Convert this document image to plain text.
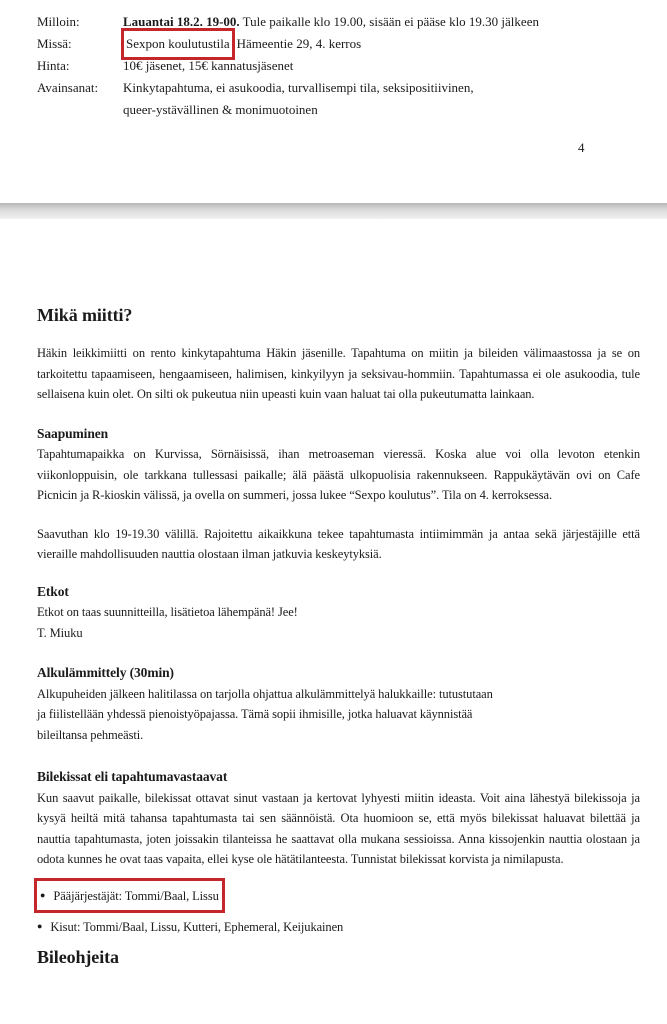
Milloin:	Lauantai 18.2. 19-00. Tule paikalle klo 19.00, sisään ei pääse klo 19.30 jälkeen
Missä:	Sexpon koulutustila Hämeentie 29, 4. kerros
Hinta:	10€ jäsenet, 15€ kannatusjäsenet
Avainsanat:	Kinkytapahtuma, ei asukoodia, turvallisempi tila, seksipositiivinen,
queer-ystävällinen & monimuotoinen
4
Mikä miitti?

Häkin leikkimiitti on rento kinkytapahtuma Häkin jäsenille. Tapahtuma on miitin ja bileiden välimaastossa ja se on tarkoitettu tapaamiseen, hengaamiseen, halimisen, kinkyilyyn ja seksivau-hommiin. Tapahtumassa ei ole asukoodia, tule sellaisena kuin olet. On silti ok pukeutua niin upeasti kuin vaan haluat tai olla pukeutumatta lainkaan.

Saapuminen

Tapahtumapaikka on Kurvissa, Sörnäisissä, ihan metroaseman vieressä. Koska alue voi olla levoton etenkin viikonloppuisin, ole tarkkana tullessasi paikalle; älä päästä ulkopuolisia rakennukseen. Rappukäytävän ovi on Cafe Picnicin ja R-kioskin välissä, ja ovella on summeri, jossa lukee “Sexpo koulutus”. Tila on 4. kerroksessa.

Saavuthan klo 19-19.30 välillä. Rajoitettu aikaikkuna tekee tapahtumasta intiimimmän ja antaa sekä järjestäjille että vieraille mahdollisuuden nauttia olostaan ilman jatkuvia keskeytyksiä.

Etkot

Etkot on taas suunnitteilla, lisätietoa lähempänä! Jee!
T. Miuku

Alkulämmittely (30min)

Alkupuheiden jälkeen halitilassa on tarjolla ohjattua alkulämmittelyä halukkaille: tutustutaan
ja fiilistellään yhdessä pienoistyöpajassa. Tämä sopii ihmisille, jotka haluavat käynnistää
bileiltansa pehmeästi.

Bilekissat eli tapahtumavastaavat

Kun saavut paikalle, bilekissat ottavat sinut vastaan ja kertovat lyhyesti miitin ideasta. Voit aina lähestyä bilekissoja ja kysyä heiltä mitä tahansa tapahtumasta tai sen säännöistä. Ota huomioon se, että myös bilekissat haluavat bilettää ja nauttia tapahtumasta, joten joissakin tilanteissa he saattavat olla mukana sessioissa. Anna kissojenkin nauttia olostaan ja odota kunnes he ovat taas vapaita, ellei kyse ole hätätilanteesta. Tunnistat bilekissat korvista ja nimilapusta.

● Pääjärjestäjät: Tommi/Baal, Lissu
● Kisut: Tommi/Baal, Lissu, Kutteri, Ephemeral, Keijukainen
Bileohjeita
